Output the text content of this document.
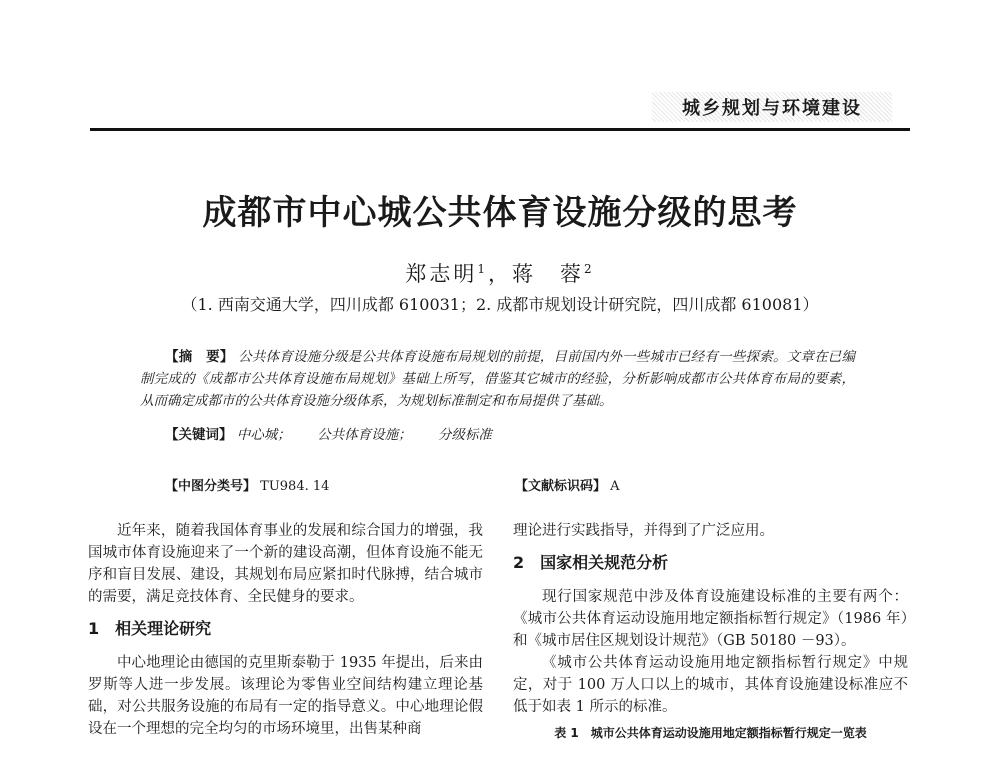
城乡规划与环境建设
成都市中心城公共体育设施分级的思考
郑志明$^1$，蒋　蓉$^2$
（1. 西南交通大学，四川成都 610031；2. 成都市规划设计研究院，四川成都 610081）
【摘　要】 公共体育设施分级是公共体育设施布局规划的前提，目前国内外一些城市已经有一些探索。文章在已编制完成的《成都市公共体育设施布局规划》基础上所写，借鉴其它城市的经验，分析影响成都市公共体育布局的要素，从而确定成都市的公共体育设施分级体系，为规划标准制定和布局提供了基础。
【关键词】 中心城； 公共体育设施； 分级标准
【中图分类号】 TU984. 14	【文献标识码】 A

近年来，随着我国体育事业的发展和综合国力的增强，我国城市体育设施迎来了一个新的建设高潮，但体育设施不能无序和盲目发展、建设，其规划布局应紧扣时代脉搏，结合城市的需要，满足竞技体育、全民健身的要求。

1　相关理论研究

中心地理论由德国的克里斯泰勒于 1935 年提出，后来由罗斯等人进一步发展。该理论为零售业空间结构建立理论基础，对公共服务设施的布局有一定的指导意义。中心地理论假设在一个理想的完全均匀的市场环境里，出售某种商

理论进行实践指导，并得到了广泛应用。

2　国家相关规范分析

现行国家规范中涉及体育设施建设标准的主要有两个：《城市公共体育运动设施用地定额指标暂行规定》（1986 年）和《城市居住区规划设计规范》（GB 50180 －93）。

《城市公共体育运动设施用地定额指标暂行规定》中规定，对于 100 万人口以上的城市，其体育设施建设标准应不低于如表 1 所示的标准。

表 1　城市公共体育运动设施用地定额指标暂行规定一览表
